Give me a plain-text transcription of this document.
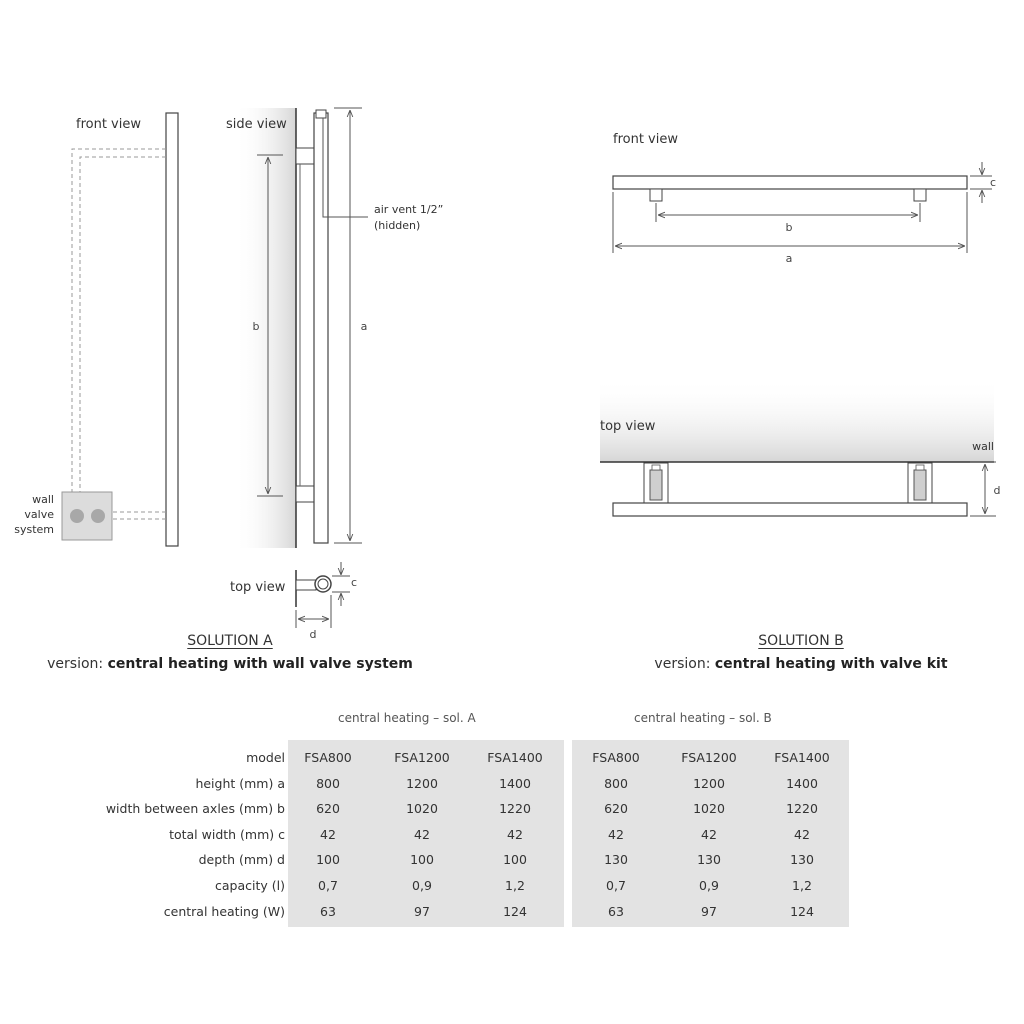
front view
wall
valve
system
side view
air vent 1/2”
(hidden)
b	a
top view	c
d
front view
c
b
a
top view
wall
d
SOLUTION A
version: central heating with wall valve system
SOLUTION B
version: central heating with valve kit
central heating – sol. A	central heating – sol. B
model	FSA800	FSA1200	FSA1400	FSA800	FSA1200	FSA1400
height (mm) a	800	1200	1400	800	1200	1400
width between axles (mm) b	620	1020	1220	620	1020	1220
total width (mm) c	42	42	42	42	42	42
depth (mm) d	100	100	100	130	130	130
capacity (l)	0,7	0,9	1,2	0,7	0,9	1,2
central heating (W)	63	97	124	63	97	124
